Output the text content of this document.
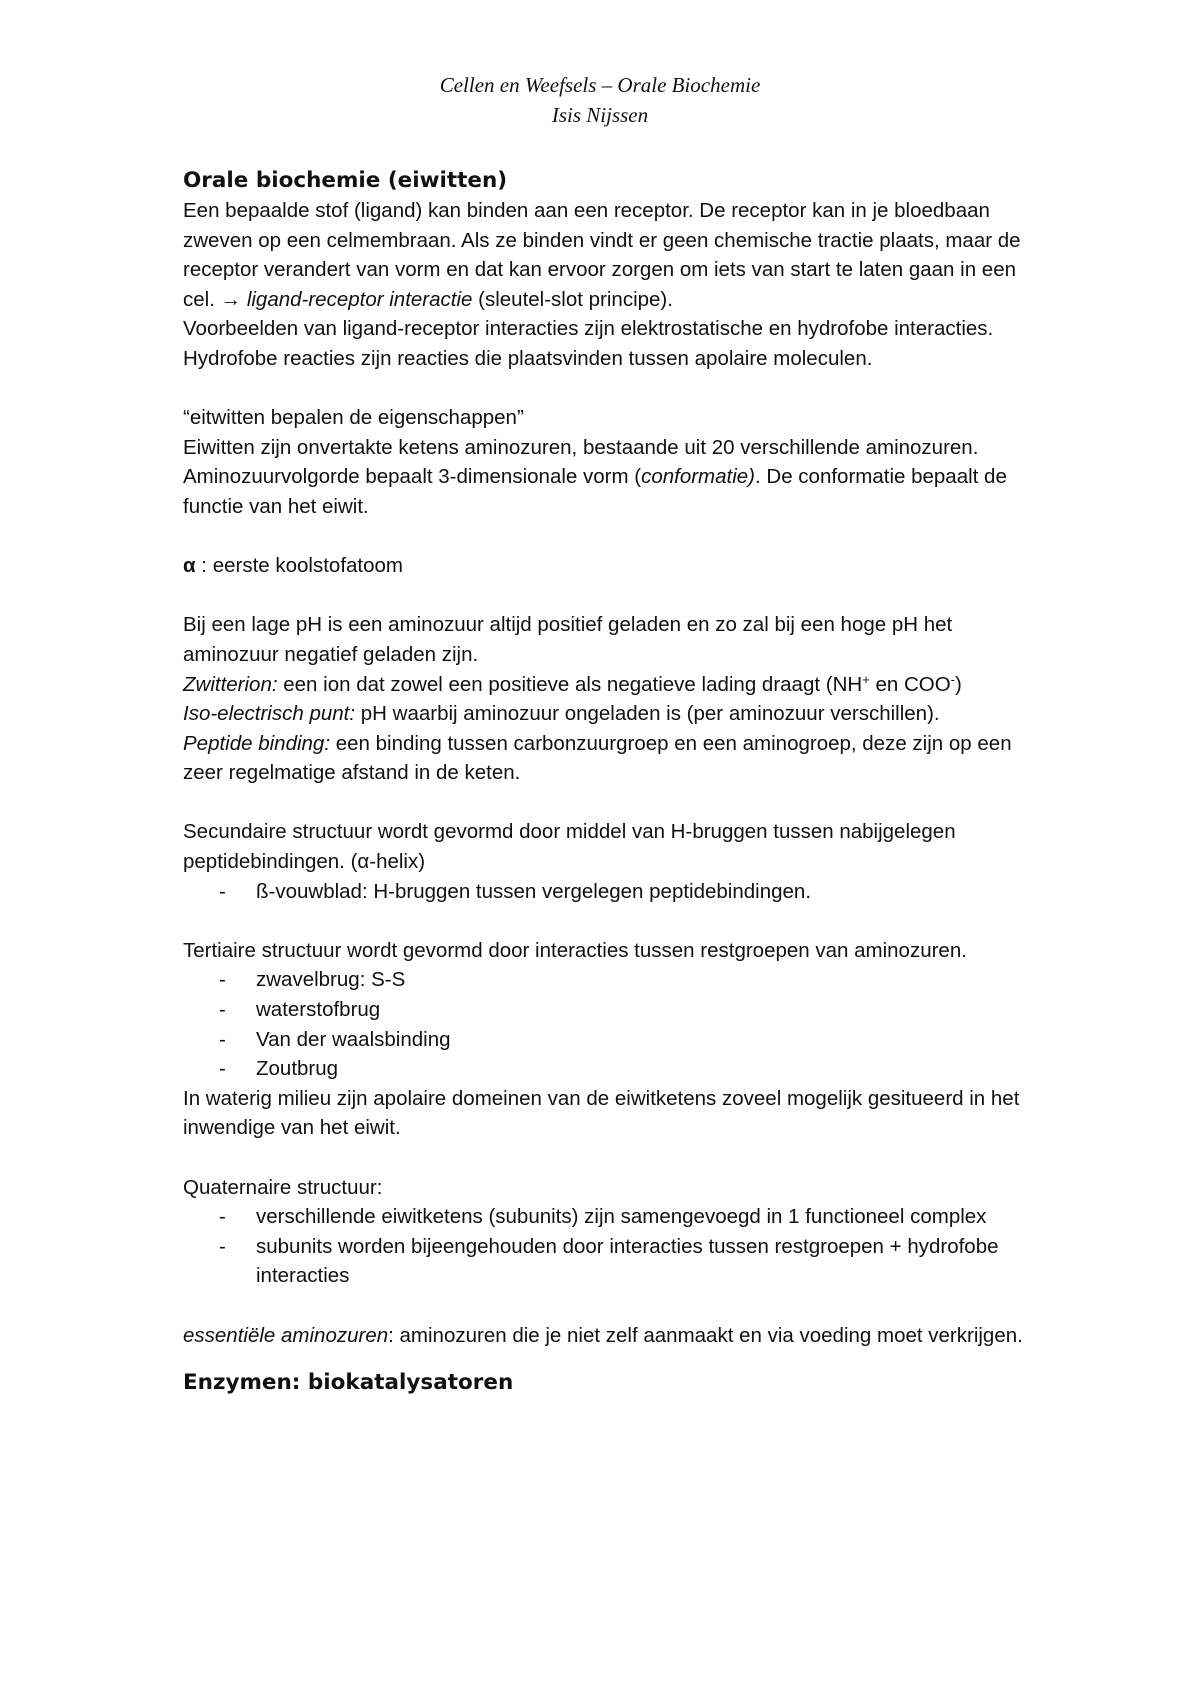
Cellen en Weefsels – Orale Biochemie
Isis Nijssen
Orale biochemie (eiwitten)

Een bepaalde stof (ligand) kan binden aan een receptor. De receptor kan in je bloedbaan zweven op een celmembraan. Als ze binden vindt er geen chemische tractie plaats, maar de receptor verandert van vorm en dat kan ervoor zorgen om iets van start te laten gaan in een cel. → ligand-receptor interactie (sleutel-slot principe).

Voorbeelden van ligand-receptor interacties zijn elektrostatische en hydrofobe interacties.

Hydrofobe reacties zijn reacties die plaatsvinden tussen apolaire moleculen.

“eitwitten bepalen de eigenschappen”

Eiwitten zijn onvertakte ketens aminozuren, bestaande uit 20 verschillende aminozuren. Aminozuurvolgorde bepaalt 3-dimensionale vorm (conformatie). De conformatie bepaalt de functie van het eiwit.

α : eerste koolstofatoom

Bij een lage pH is een aminozuur altijd positief geladen en zo zal bij een hoge pH het aminozuur negatief geladen zijn.

Zwitterion: een ion dat zowel een positieve als negatieve lading draagt (NH+ en COO-)

Iso-electrisch punt: pH waarbij aminozuur ongeladen is (per aminozuur verschillen).

Peptide binding: een binding tussen carbonzuurgroep en een aminogroep, deze zijn op een zeer regelmatige afstand in de keten.

Secundaire structuur wordt gevormd door middel van H-bruggen tussen nabijgelegen peptidebindingen. (α-helix)

- ß-vouwblad: H-bruggen tussen vergelegen peptidebindingen.

Tertiaire structuur wordt gevormd door interacties tussen restgroepen van aminozuren.

- zwavelbrug: S-S
- waterstofbrug
- Van der waalsbinding
- Zoutbrug

In waterig milieu zijn apolaire domeinen van de eiwitketens zoveel mogelijk gesitueerd in het inwendige van het eiwit.

Quaternaire structuur:

- verschillende eiwitketens (subunits) zijn samengevoegd in 1 functioneel complex
- subunits worden bijeengehouden door interacties tussen restgroepen + hydrofobe interacties

essentiële aminozuren: aminozuren die je niet zelf aanmaakt en via voeding moet verkrijgen.

Enzymen: biokatalysatoren
